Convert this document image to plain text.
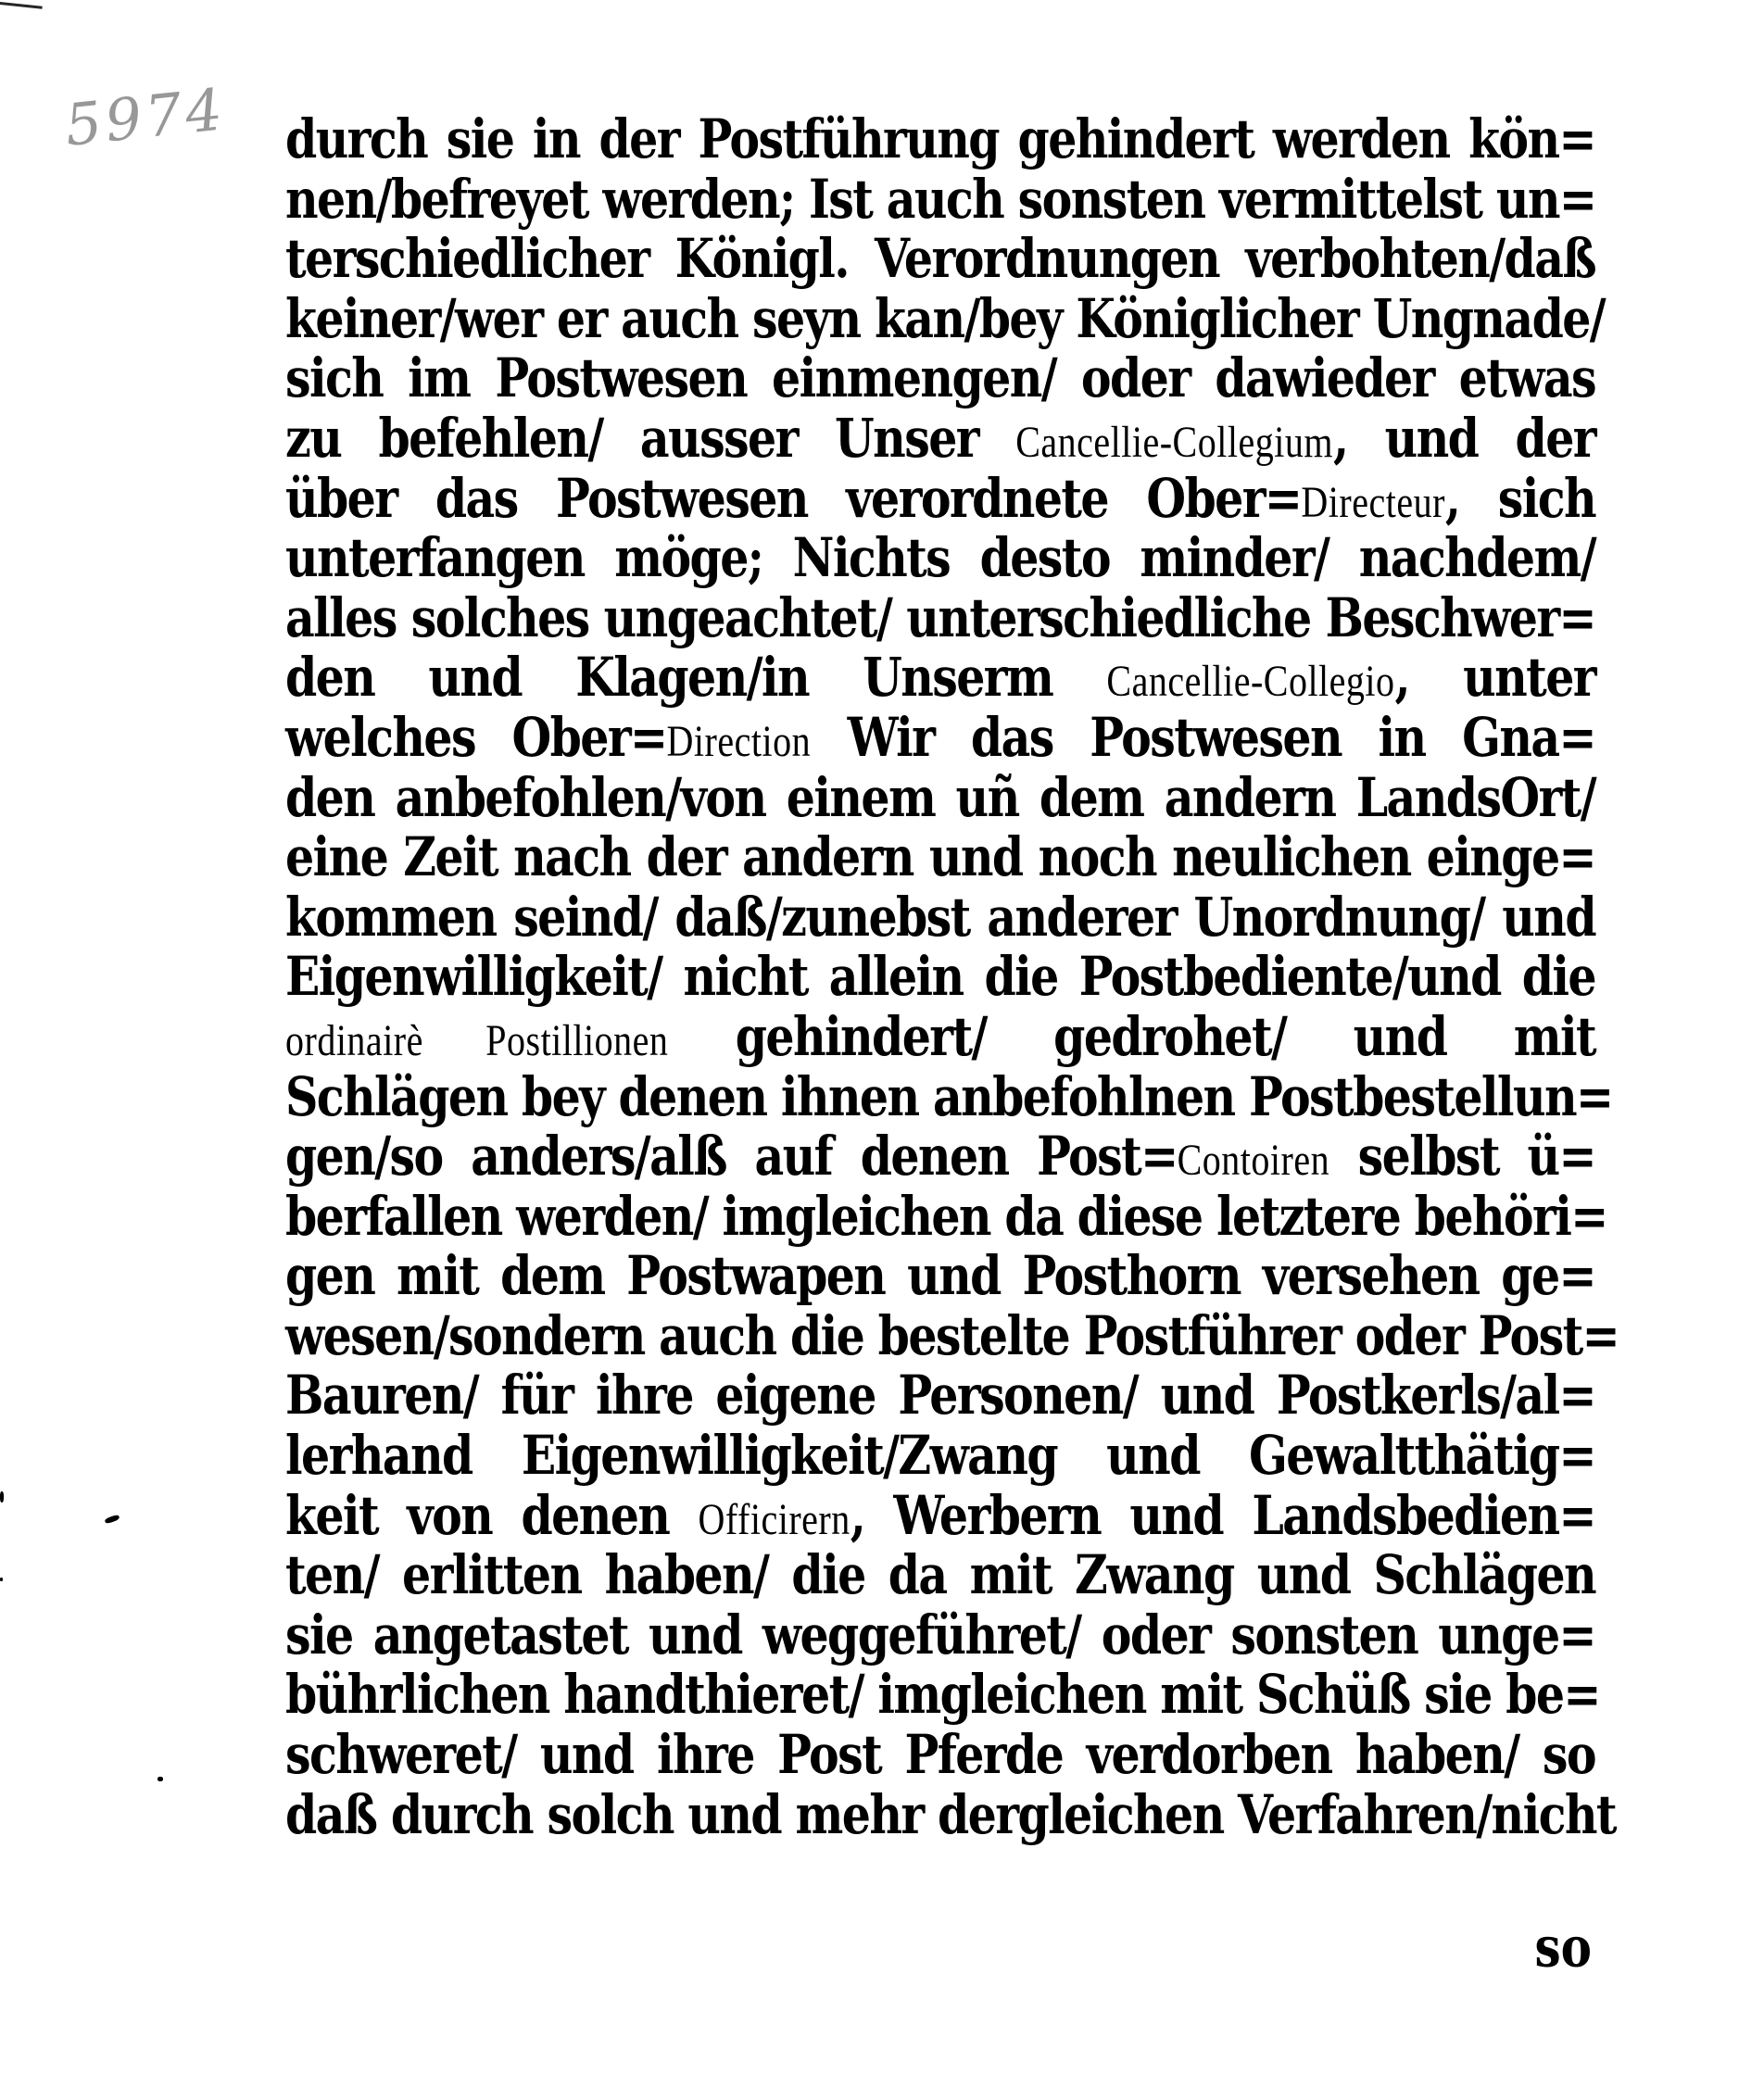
5974 durch sie in der Postführung gehindert werden kön=
nen/befreyet werden; Ist auch sonsten vermittelst un=
terschiedlicher Königl. Verordnungen verbohten/daß
keiner/wer er auch seyn kan/bey Königlicher Ungnade/
sich im Postwesen einmengen/ oder dawieder etwas
zu befehlen/ ausser Unser Cancellie-Collegium, und der
über das Postwesen verordnete Ober=Directeur, sich
unterfangen möge; Nichts desto minder/ nachdem/
alles solches ungeachtet/ unterschiedliche Beschwer=
den und Klagen/in Unserm Cancellie-Collegio, unter
welches Ober=Direction Wir das Postwesen in Gna=
den anbefohlen/von einem uñ dem andern LandsOrt/
eine Zeit nach der andern und noch neulichen einge=
kommen seind/ daß/zunebst anderer Unordnung/ und
Eigenwilligkeit/ nicht allein die Postbediente/und die
ordinairè Postillionen gehindert/ gedrohet/ und mit
Schlägen bey denen ihnen anbefohlnen Postbestellun=
gen/so anders/alß auf denen Post=Contoiren selbst ü=
berfallen werden/ imgleichen da diese letztere behöri=
gen mit dem Postwapen und Posthorn versehen ge=
wesen/sondern auch die bestelte Postführer oder Post=
Bauren/ für ihre eigene Personen/ und Postkerls/al=
lerhand Eigenwilligkeit/Zwang und Gewaltthätig=
keit von denen Officirern, Werbern und Landsbedien=
ten/ erlitten haben/ die da mit Zwang und Schlägen
sie angetastet und weggeführet/ oder sonsten unge=
bührlichen handthieret/ imgleichen mit Schüß sie be=
schweret/ und ihre Post Pferde verdorben haben/ so
daß durch solch und mehr dergleichen Verfahren/nicht
so
